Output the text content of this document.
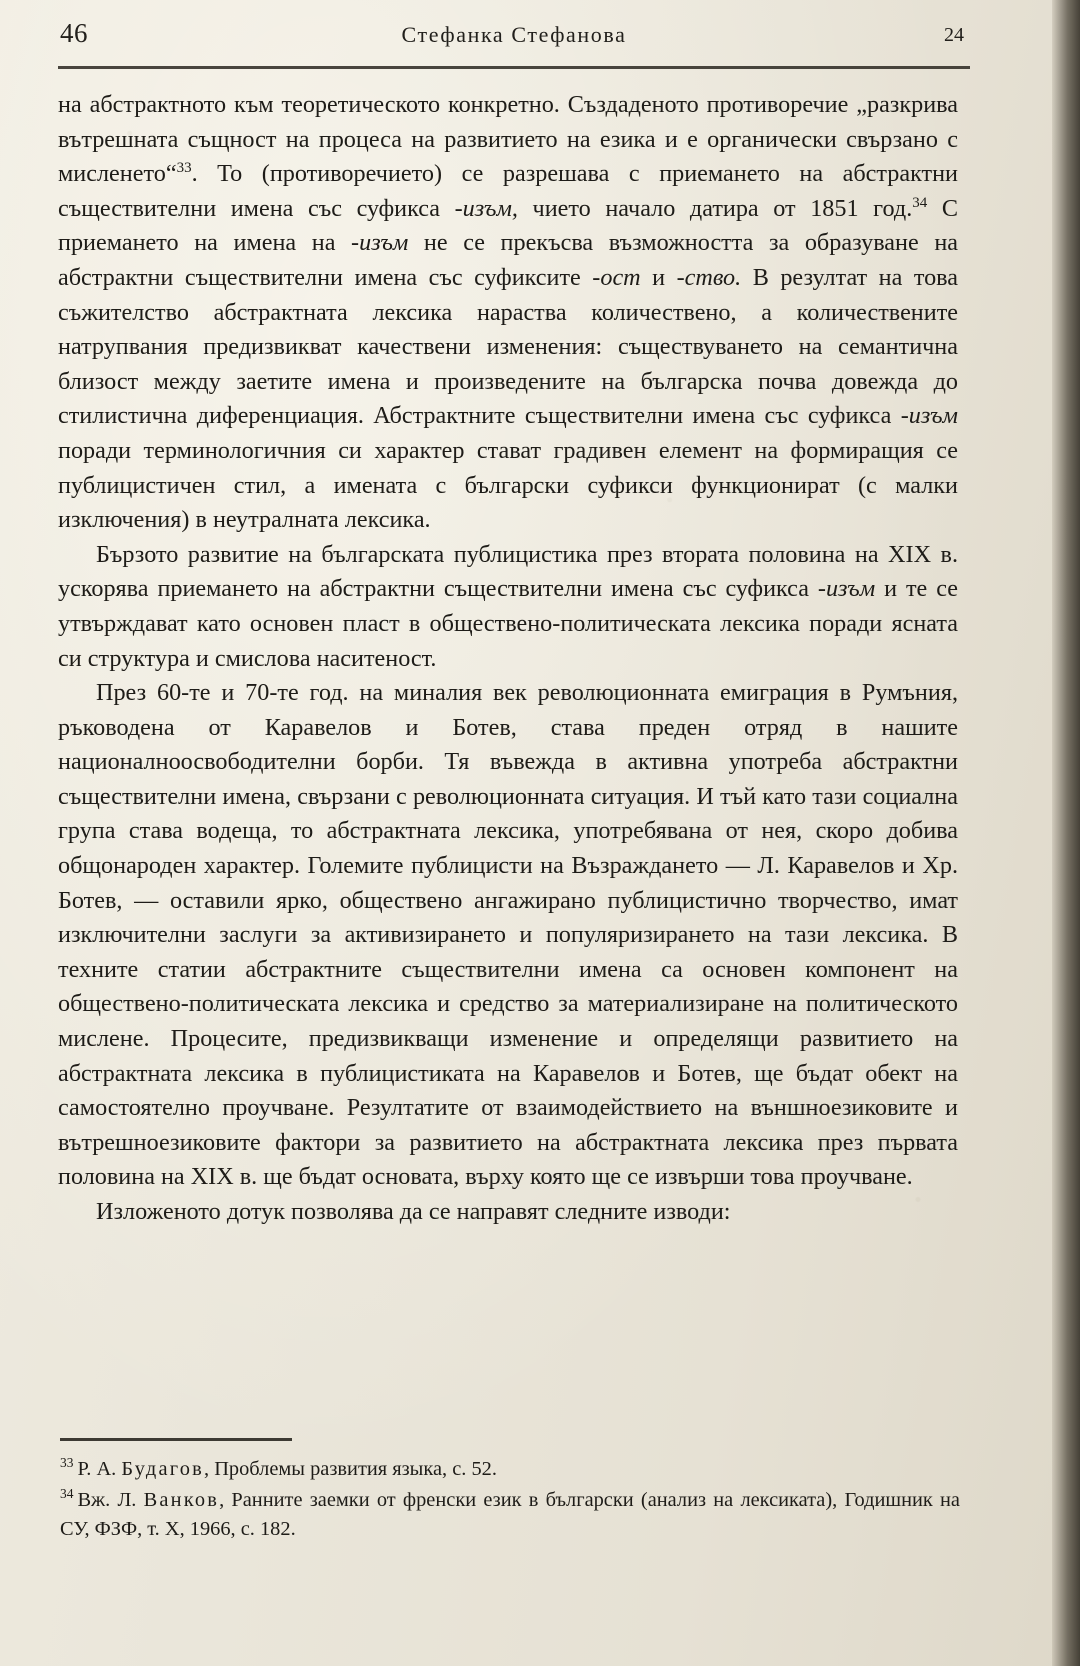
46	Стефанка Стефанова	24

на абстрактното към теоретическото конкретно. Създаденото противоречие „разкрива вътрешната същност на процеса на развитието на езика и е органически свързано с мисленето“$^{33}$. То (противоречието) се разрешава с приемането на абстрактни съществителни имена със суфикса -изъм, чието начало датира от 1851 год.$^{34}$ С приемането на имена на -изъм не се прекъсва възможността за образуване на абстрактни съществителни имена със суфиксите -ост и -ство. В резултат на това съжителство абстрактната лексика нараства количествено, а количествените натрупвания предизвикват качествени изменения: съществуването на семантична близост между заетите имена и произведените на българска почва довежда до стилистична диференциация. Абстрактните съществителни имена със суфикса -изъм поради терминологичния си характер стават градивен елемент на формиращия се публицистичен стил, а имената с български суфикси функционират (с малки изключения) в неутралната лексика.

Бързото развитие на българската публицистика през втората половина на XIX в. ускорява приемането на абстрактни съществителни имена със суфикса -изъм и те се утвърждават като основен пласт в обществено-политическата лексика поради ясната си структура и смислова наситеност.

През 60-те и 70-те год. на миналия век революционната емиграция в Румъния, ръководена от Каравелов и Ботев, става преден отряд в нашите националноосвободителни борби. Тя въвежда в активна употреба абстрактни съществителни имена, свързани с революционната ситуация. И тъй като тази социална група става водеща, то абстрактната лексика, употребявана от нея, скоро добива общонароден характер. Големите публицисти на Възраждането — Л. Каравелов и Хр. Ботев, — оставили ярко, обществено ангажирано публицистично творчество, имат изключителни заслуги за активизирането и популяризирането на тази лексика. В техните статии абстрактните съществителни имена са основен компонент на обществено-политическата лексика и средство за материализиране на политическото мислене. Процесите, предизвикващи изменение и определящи развитието на абстрактната лексика в публицистиката на Каравелов и Ботев, ще бъдат обект на самостоятелно проучване. Резултатите от взаимодействието на външноезиковите и вътрешноезиковите фактори за развитието на абстрактната лексика през първата половина на XIX в. ще бъдат основата, върху която ще се извърши това проучване.

Изложеното дотук позволява да се направят следните изводи:

$^{33}$ Р. А. Будагов, Проблемы развития языка, с. 52.

$^{34}$ Вж. Л. Ванков, Ранните заемки от френски език в български (анализ на лексиката), Годишник на СУ, ФЗФ, т. X, 1966, с. 182.
